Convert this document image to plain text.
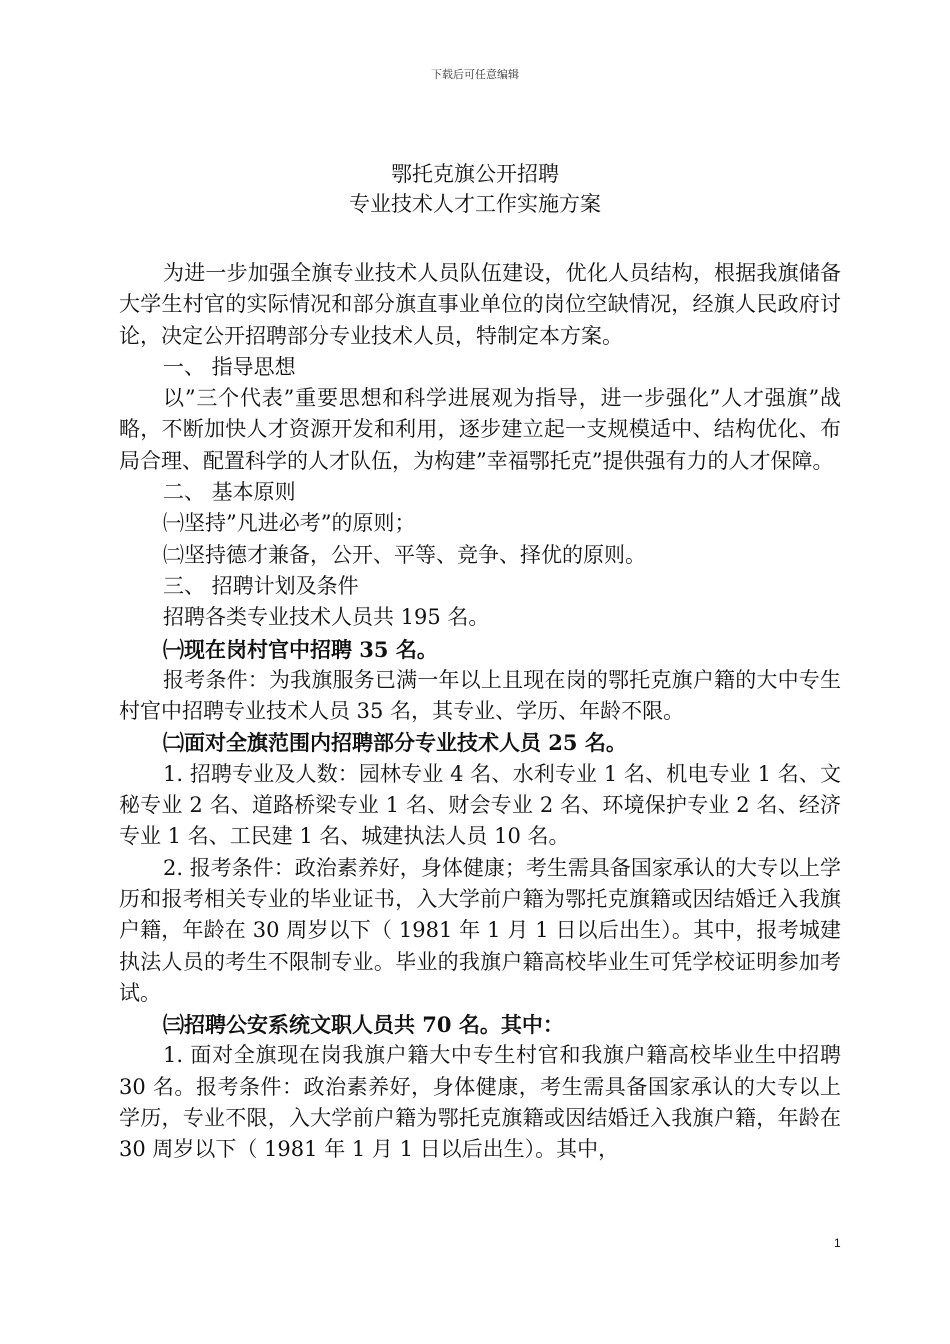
下载后可任意编辑
鄂托克旗公开招聘
专业技术人才工作实施方案

为进一步加强全旗专业技术人员队伍建设，优化人员结构，根据我旗储备大学生村官的实际情况和部分旗直事业单位的岗位空缺情况，经旗人民政府讨论，决定公开招聘部分专业技术人员，特制定本方案。

一、 指导思想

以”三个代表”重要思想和科学进展观为指导，进一步强化”人才强旗”战略，不断加快人才资源开发和利用，逐步建立起一支规模适中、结构优化、布局合理、配置科学的人才队伍，为构建”幸福鄂托克”提供强有力的人才保障。

二、 基本原则

㈠坚持”凡进必考”的原则；

㈡坚持德才兼备，公开、平等、竞争、择优的原则。

三、 招聘计划及条件

招聘各类专业技术人员共 195 名。

㈠现在岗村官中招聘 35 名。

报考条件：为我旗服务已满一年以上且现在岗的鄂托克旗户籍的大中专生村官中招聘专业技术人员 35 名，其专业、学历、年龄不限。

㈡面对全旗范围内招聘部分专业技术人员 25 名。

1. 招聘专业及人数：园林专业 4 名、水利专业 1 名、机电专业 1 名、文秘专业 2 名、道路桥梁专业 1 名、财会专业 2 名、环境保护专业 2 名、经济专业 1 名、工民建 1 名、城建执法人员 10 名。

2. 报考条件：政治素养好，身体健康；考生需具备国家承认的大专以上学历和报考相关专业的毕业证书，入大学前户籍为鄂托克旗籍或因结婚迁入我旗户籍，年龄在 30 周岁以下（ 1981 年 1 月 1 日以后出生）。其中，报考城建执法人员的考生不限制专业。毕业的我旗户籍高校毕业生可凭学校证明参加考试。

㈢招聘公安系统文职人员共 70 名。其中：

1. 面对全旗现在岗我旗户籍大中专生村官和我旗户籍高校毕业生中招聘 30 名。报考条件：政治素养好，身体健康，考生需具备国家承认的大专以上学历，专业不限，入大学前户籍为鄂托克旗籍或因结婚迁入我旗户籍，年龄在 30 周岁以下（ 1981 年 1 月 1 日以后出生）。其中，

1
